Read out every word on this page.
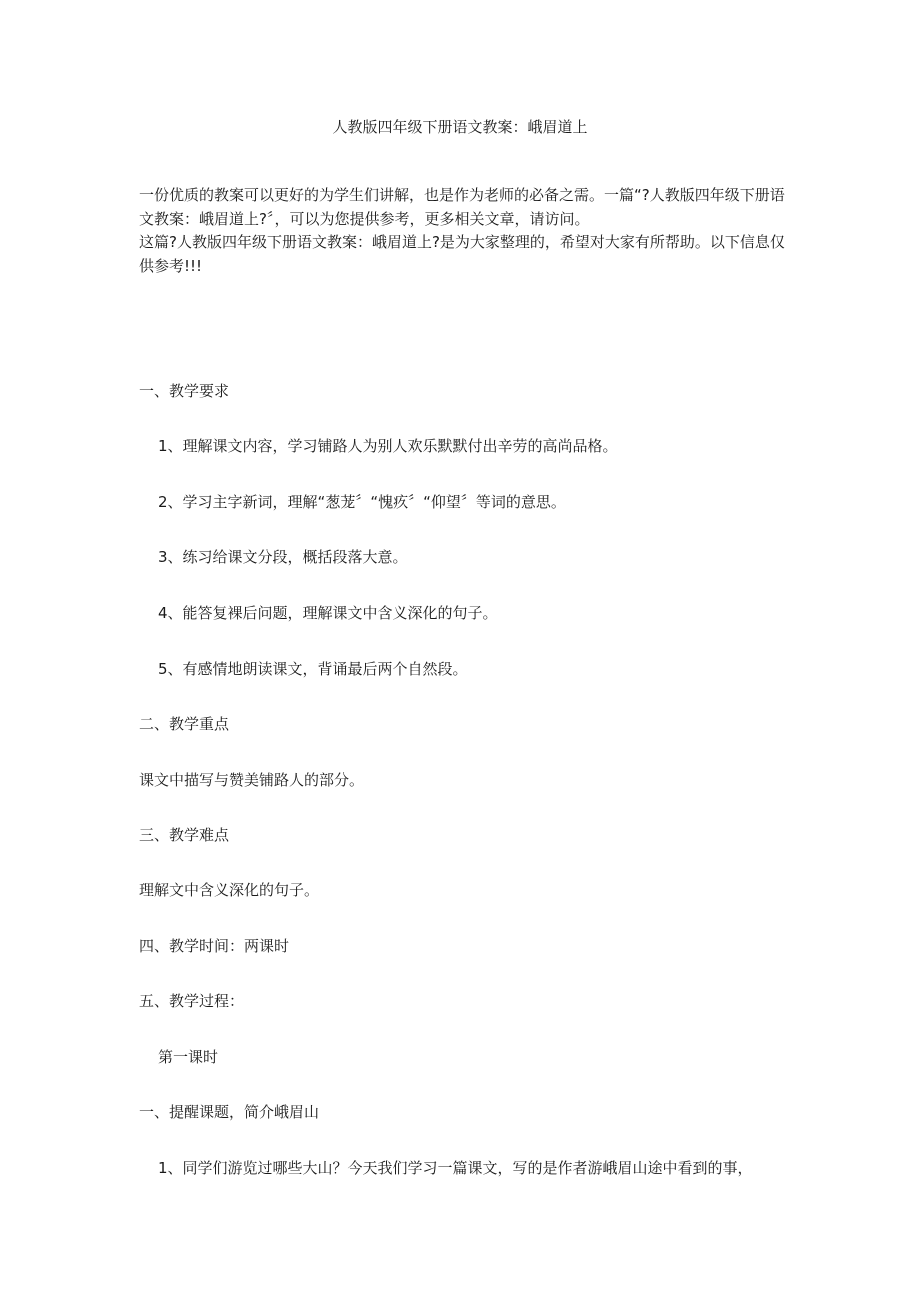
人教版四年级下册语文教案：峨眉道上

一份优质的教案可以更好的为学生们讲解，也是作为老师的必备之需。一篇“?人教版四年级下册语文教案：峨眉道上?〞，可以为您提供参考，更多相关文章，请访问。

这篇?人教版四年级下册语文教案：峨眉道上?是为大家整理的，希望对大家有所帮助。以下信息仅供参考!!!

一、教学要求
1、理解课文内容，学习铺路人为别人欢乐默默付出辛劳的高尚品格。
2、学习主字新词，理解“葱茏〞“愧疚〞“仰望〞等词的意思。
3、练习给课文分段，概括段落大意。
4、能答复裸后问题，理解课文中含义深化的句子。
5、有感情地朗读课文，背诵最后两个自然段。
二、教学重点
课文中描写与赞美铺路人的部分。
三、教学难点
理解文中含义深化的句子。
四、教学时间：两课时
五、教学过程：
第一课时
一、提醒课题，简介峨眉山
1、同学们游览过哪些大山？今天我们学习一篇课文，写的是作者游峨眉山途中看到的事，
